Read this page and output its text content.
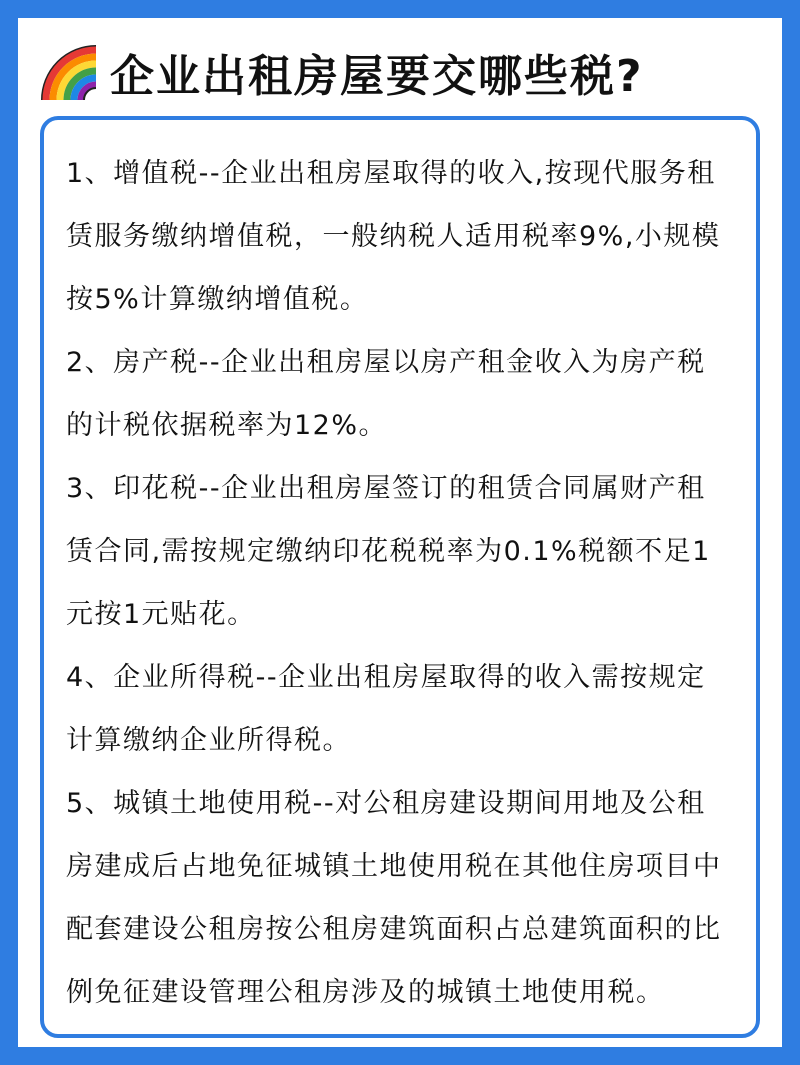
企业出租房屋要交哪些税?
1、增值税--企业出租房屋取得的收入,按现代服务租
赁服务缴纳增值税，一般纳税人适用税率9%,小规模
按5%计算缴纳增值税。
2、房产税--企业出租房屋以房产租金收入为房产税
的计税依据税率为12%。
3、印花税--企业出租房屋签订的租赁合同属财产租
赁合同,需按规定缴纳印花税税率为0.1%税额不足1
元按1元贴花。
4、企业所得税--企业出租房屋取得的收入需按规定
计算缴纳企业所得税。
5、城镇土地使用税--对公租房建设期间用地及公租
房建成后占地免征城镇土地使用税在其他住房项目中
配套建设公租房按公租房建筑面积占总建筑面积的比
例免征建设管理公租房涉及的城镇土地使用税。
